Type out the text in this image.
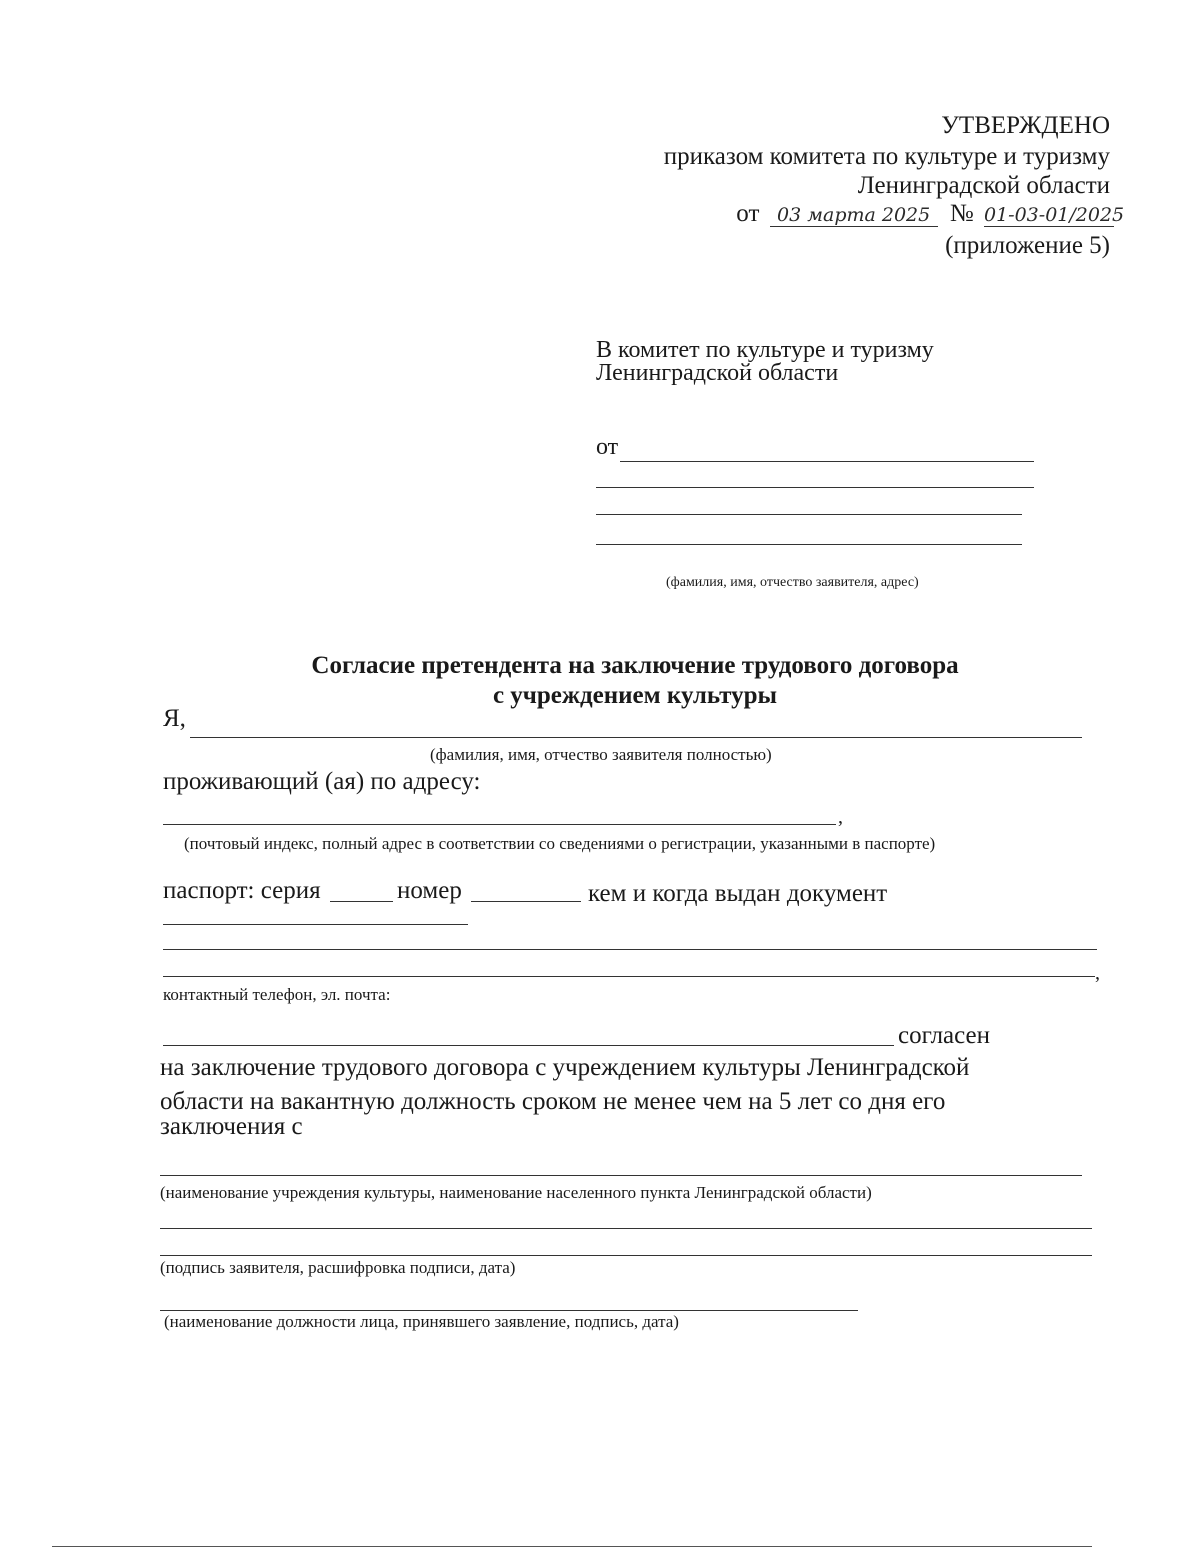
УТВЕРЖДЕНО
приказом комитета по культуре и туризму
Ленинградской области
от 03 марта 2025 № 01-03-01/2025
(приложение 5)
В комитет по культуре и туризму
Ленинградской области
от
(фамилия, имя, отчество заявителя, адрес)
Согласие претендента на заключение трудового договора
с учреждением культуры
Я,
(фамилия, имя, отчество заявителя полностью)
проживающий (ая) по адресу:
,
(почтовый индекс, полный адрес в соответствии со сведениями о регистрации, указанными в паспорте)
паспорт: серия	номер	кем и когда выдан документ
,
контактный телефон, эл. почта:
согласен
на заключение трудового договора с учреждением культуры Ленинградской
области на вакантную должность сроком не менее чем на 5 лет со дня его
заключения с
(наименование учреждения культуры, наименование населенного пункта Ленинградской области)
(подпись заявителя, расшифровка подписи, дата)
(наименование должности лица, принявшего заявление, подпись, дата)
